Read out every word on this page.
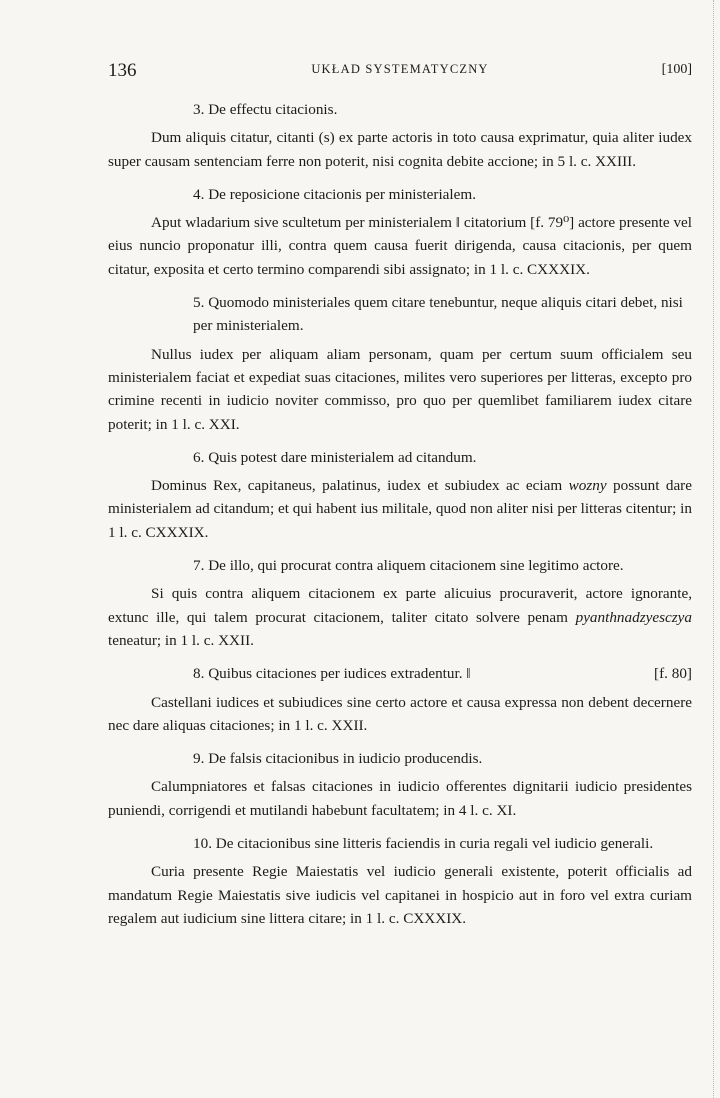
136	UKŁAD SYSTEMATYCZNY	[100]

3. De effectu citacionis.

Dum aliquis citatur, citanti (s) ex parte actoris in toto causa exprimatur, quia aliter iudex super causam sentenciam ferre non poterit, nisi cognita debite accione; in 5 l. c. XXIII.

4. De reposicione citacionis per ministerialem.

Aput wladarium sive scultetum per ministerialem ‖ citatorium [f. 79⁰] actore presente vel eius nuncio proponatur illi, contra quem causa fuerit dirigenda, causa citacionis, per quem citatur, exposita et certo termino comparendi sibi assignato; in 1 l. c. CXXXIX.

5. Quomodo ministeriales quem citare tenebuntur, neque aliquis citari debet, nisi per ministerialem.

Nullus iudex per aliquam aliam personam, quam per certum suum officialem seu ministerialem faciat et expediat suas citaciones, milites vero superiores per litteras, excepto pro crimine recenti in iudicio noviter commisso, pro quo per quemlibet familiarem iudex citare poterit; in 1 l. c. XXI.

6. Quis potest dare ministerialem ad citandum.

Dominus Rex, capitaneus, palatinus, iudex et subiudex ac eciam wozny possunt dare ministerialem ad citandum; et qui habent ius militale, quod non aliter nisi per litteras citentur; in 1 l. c. CXXXIX.

7. De illo, qui procurat contra aliquem citacionem sine legitimo actore.

Si quis contra aliquem citacionem ex parte alicuius procuraverit, actore ignorante, extunc ille, qui talem procurat citacionem, taliter citato solvere penam pyanthnadzyesczya teneatur; in 1 l. c. XXII.

[f. 80]
8. Quibus citaciones per iudices extradentur. ‖

Castellani iudices et subiudices sine certo actore et causa expressa non debent decernere nec dare aliquas citaciones; in 1 l. c. XXII.

9. De falsis citacionibus in iudicio producendis.

Calumpniatores et falsas citaciones in iudicio offerentes dignitarii iudicio presidentes puniendi, corrigendi et mutilandi habebunt facultatem; in 4 l. c. XI.

10. De citacionibus sine litteris faciendis in curia regali vel iudicio generali.

Curia presente Regie Maiestatis vel iudicio generali existente, poterit officialis ad mandatum Regie Maiestatis sive iudicis vel capitanei in hospicio aut in foro vel extra curiam regalem aut iudicium sine littera citare; in 1 l. c. CXXXIX.
